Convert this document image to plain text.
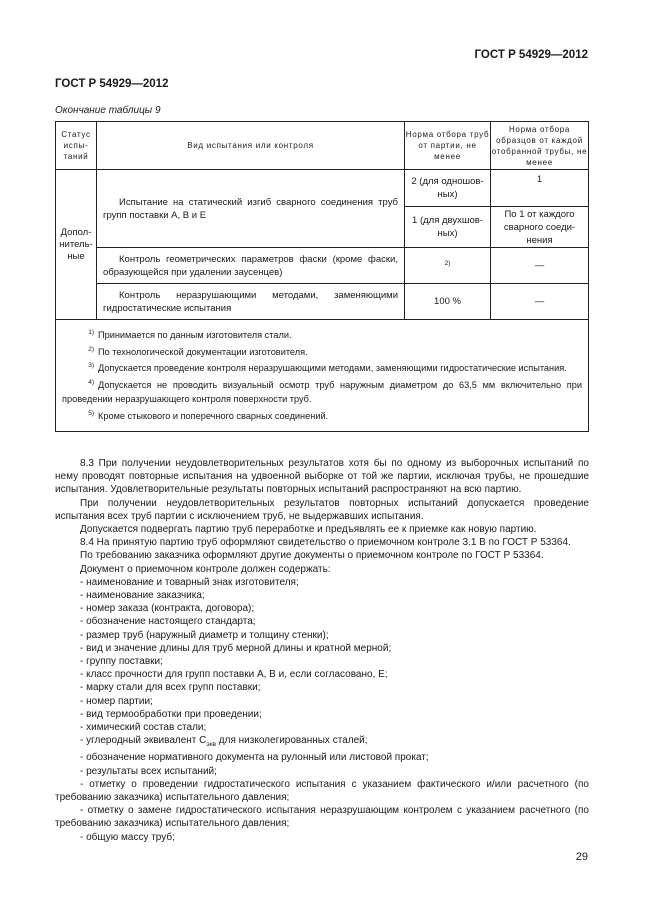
ГОСТ Р 54929—2012
ГОСТ Р 54929—2012
Окончание таблицы 9
Статус испы-таний	Вид испытания или контроля	Норма отбора труб от партии, не менее	Норма отбора образцов от каждой отобранной трубы, не менее
Допол-нитель-ные	Испытание на статический изгиб сварного соединения труб групп поставки А, В и Е	2 (для одношов-ных)	1
		1 (для двухшов-ных)	По 1 от каждого сварного соеди-нения
	Контроль геометрических параметров фаски (кроме фаски, образующейся при удалении заусенцев)	$^{2)}$	—
	Контроль неразрушающими методами, заменяющими гидростатические испытания	100 %	—

1) Принимается по данным изготовителя стали.
2) По технологической документации изготовителя.
3) Допускается проведение контроля неразрушающими методами, заменяющими гидростатические испытания.
4) Допускается не проводить визуальный осмотр труб наружным диаметром до 63,5 мм включительно при проведении неразрушающего контроля поверхности труб.
5) Кроме стыкового и поперечного сварных соединений.			

8.3 При получении неудовлетворительных результатов хотя бы по одному из выборочных испытаний по нему проводят повторные испытания на удвоенной выборке от той же партии, исключая трубы, не прошедшие испытания. Удовлетворительные результаты повторных испытаний распространяют на всю партию.

При получении неудовлетворительных результатов повторных испытаний допускается проведение испытания всех труб партии с исключением труб, не выдержавших испытания.

Допускается подвергать партию труб переработке и предъявлять ее к приемке как новую партию.

8.4 На принятую партию труб оформляют свидетельство о приемочном контроле 3.1 В по ГОСТ Р 53364.

По требованию заказчика оформляют другие документы о приемочном контроле по ГОСТ Р 53364.

Документ о приемочном контроле должен содержать:

- наименование и товарный знак изготовителя;

- наименование заказчика;

- номер заказа (контракта, договора);

- обозначение настоящего стандарта;

- размер труб (наружный диаметр и толщину стенки);

- вид и значение длины для труб мерной длины и кратной мерной;

- группу поставки;

- класс прочности для групп поставки А, В и, если согласовано, Е;

- марку стали для всех групп поставки;

- номер партии;

- вид термообработки при проведении;

- химический состав стали;

- углеродный эквивалент $С_{экв}$ для низколегированных сталей;

- обозначение нормативного документа на рулонный или листовой прокат;

- результаты всех испытаний;

- отметку о проведении гидростатического испытания с указанием фактического и/или расчетного (по требованию заказчика) испытательного давления;

- отметку о замене гидростатического испытания неразрушающим контролем с указанием расчетного (по требованию заказчика) испытательного давления;

- общую массу труб;

29
